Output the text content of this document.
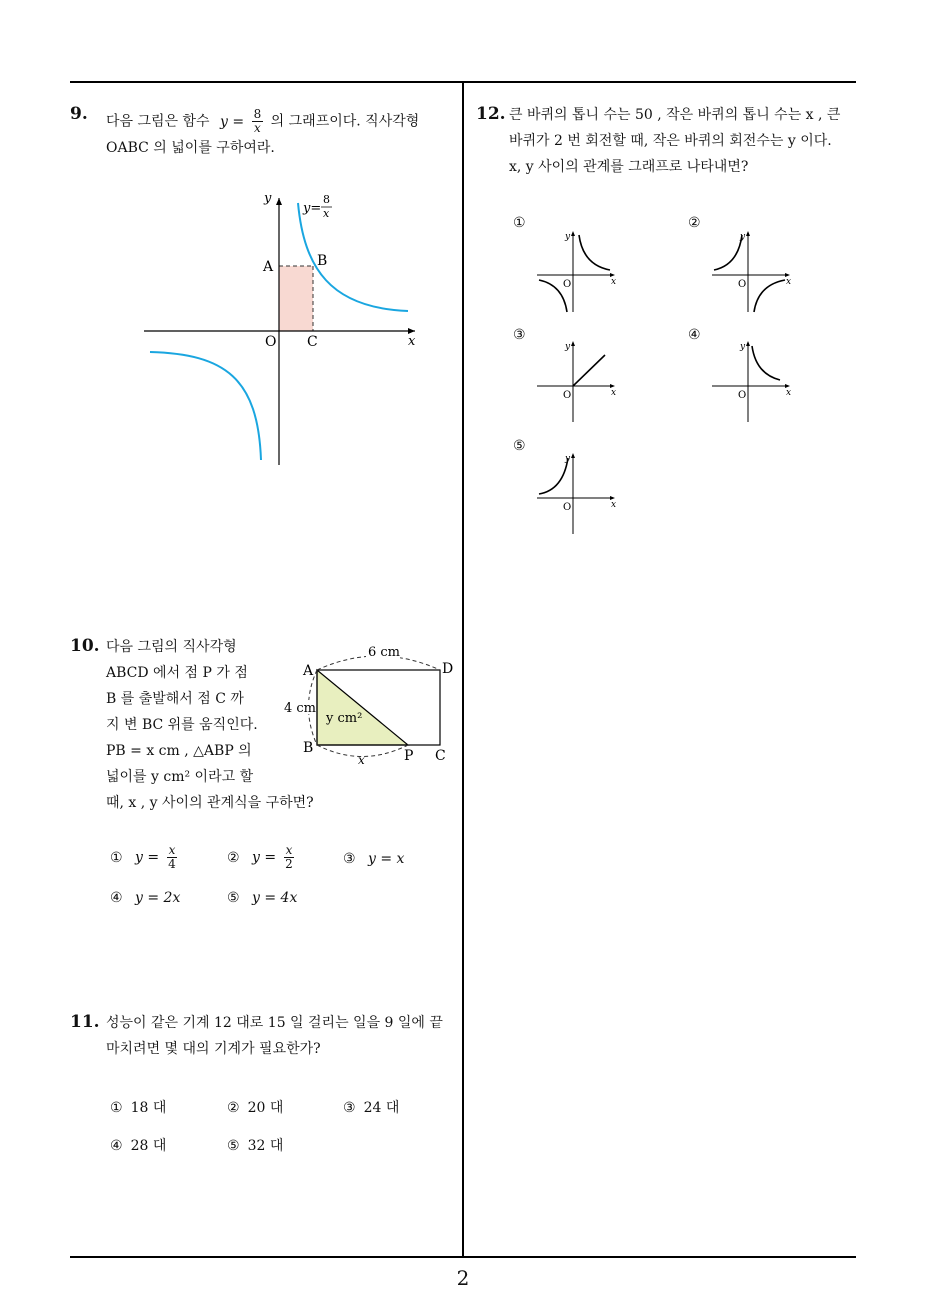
9. 다음 그림은 함수 $y = \frac{8}{x}$ 의 그래프이다. 직사각형
OABC 의 넓이를 구하여라.
x
y
O
A	B
C
y=
8
x
10. 다음 그림의 직사각형
ABCD 에서 점 P 가 점
B 를 출발해서 점 C 까
지 변 BC 위를 움직인다.
PB = x cm , △ABP 의
넓이를 y cm² 이라고 할
때, x , y 사이의 관계식을 구하면?
6 cm
4 cm
y cm²
x
A	D
B	P C
① $y = \frac{x}{4}$	② $y = \frac{x}{2}$	③ y = x
④ y = 2x	⑤ y = 4x
11. 성능이 같은 기계 12 대로 15 일 걸리는 일을 9 일에 끝
마치려면 몇 대의 기계가 필요한가?
① 18 대	② 20 대	③ 24 대
④ 28 대	⑤ 32 대
12. 큰 바퀴의 톱니 수는 50 , 작은 바퀴의 톱니 수는 x , 큰
바퀴가 2 번 회전할 때, 작은 바퀴의 회전수는 y 이다.
x, y 사이의 관계를 그래프로 나타내면?
①
y
O	x
②
y
O	x
③
y
O	x
④
y
O	x
⑤
y
O	x
2
